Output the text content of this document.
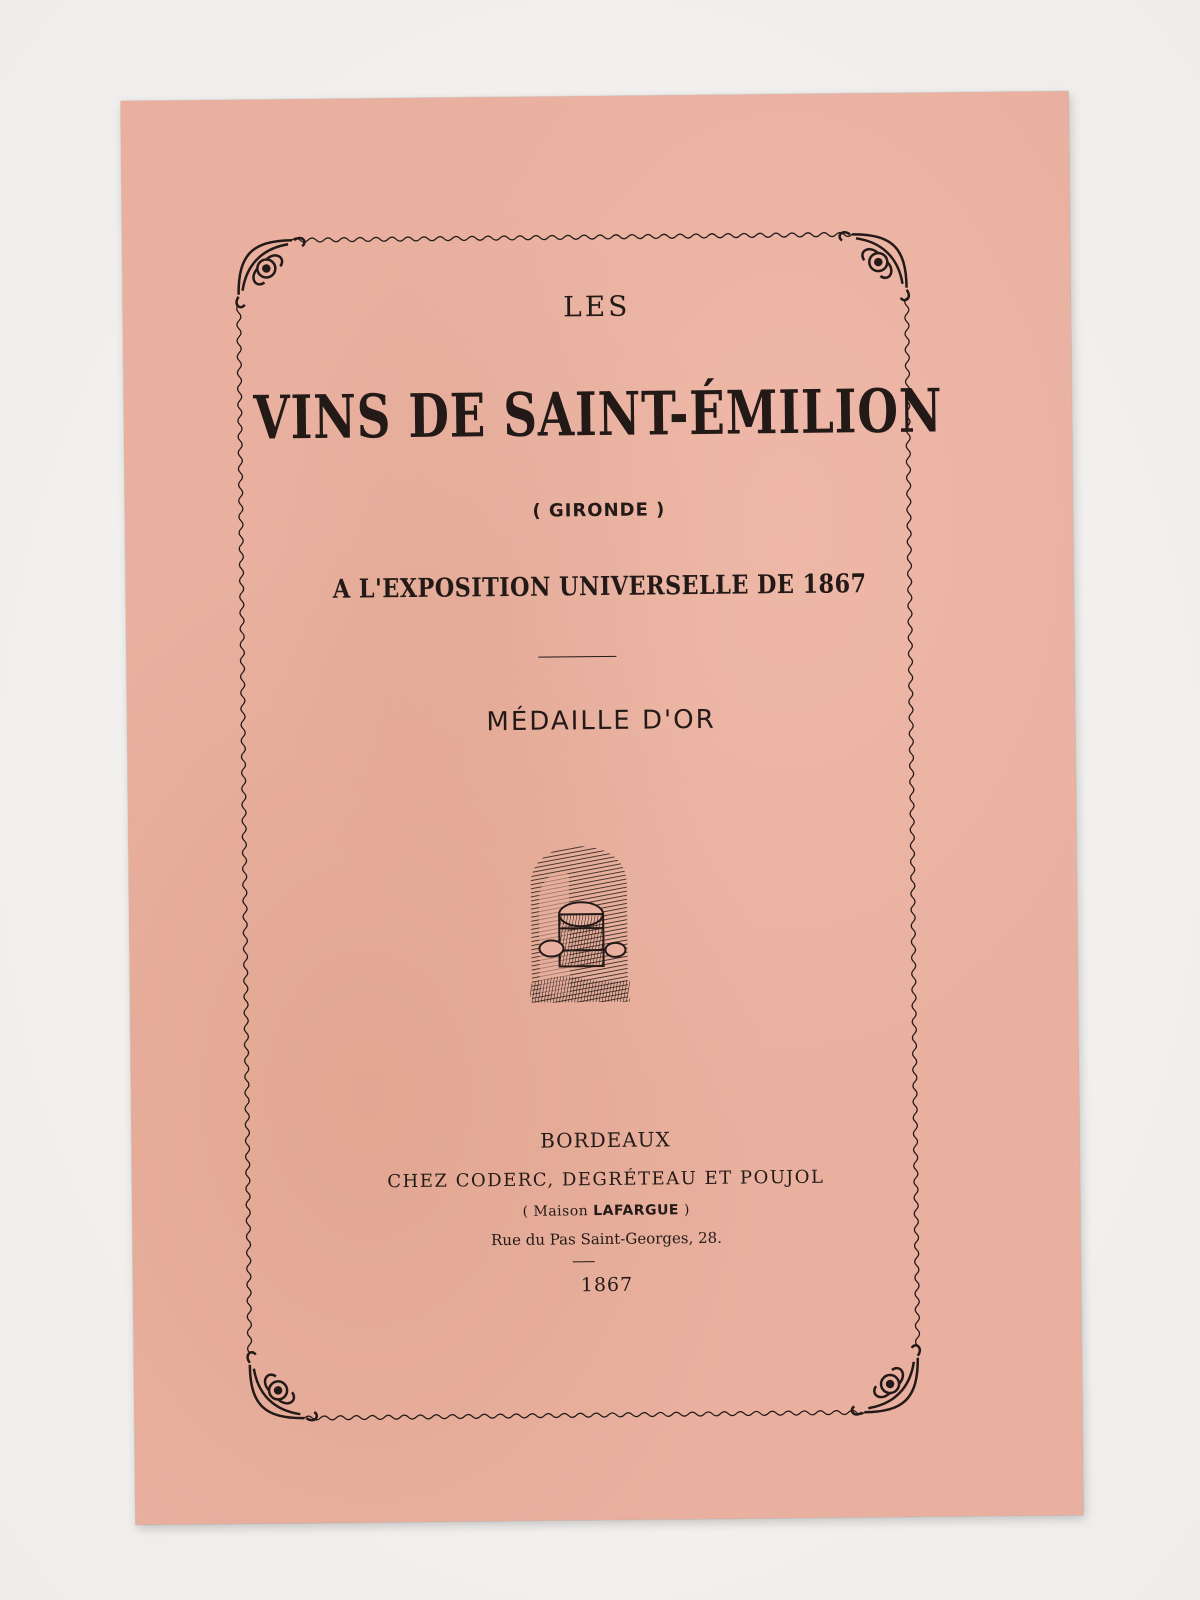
LES
VINS DE SAINT-ÉMILION
( GIRONDE )
A L'EXPOSITION UNIVERSELLE DE 1867
MÉDAILLE D'OR
BORDEAUX
CHEZ CODERC, DEGRÉTEAU ET POUJOL
( Maison LAFARGUE )
Rue du Pas Saint-Georges, 28.
1867
